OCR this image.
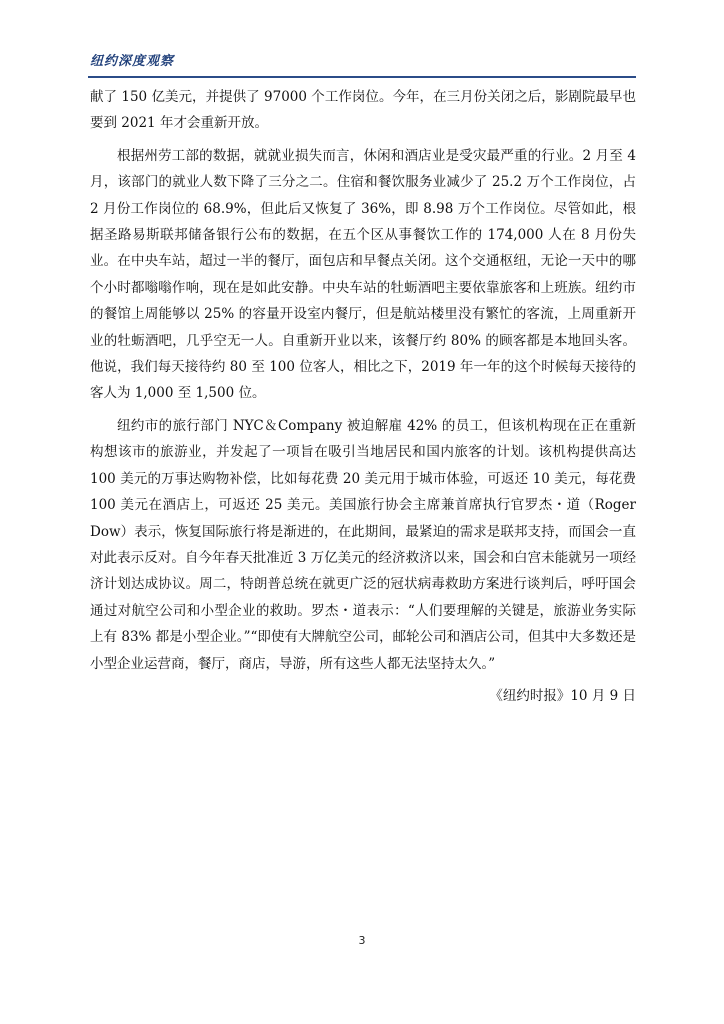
纽约深度观察

献了 150 亿美元，并提供了 97000 个工作岗位。今年，在三月份关闭之后，影剧院最早也要到 2021 年才会重新开放。

根据州劳工部的数据，就就业损失而言，休闲和酒店业是受灾最严重的行业。2 月至 4 月，该部门的就业人数下降了三分之二。住宿和餐饮服务业减少了 25.2 万个工作岗位，占 2 月份工作岗位的 68.9%，但此后又恢复了 36%，即 8.98 万个工作岗位。尽管如此，根据圣路易斯联邦储备银行公布的数据，在五个区从事餐饮工作的 174,000 人在 8 月份失业。在中央车站，超过一半的餐厅，面包店和早餐点关闭。这个交通枢纽，无论一天中的哪个小时都嗡嗡作响，现在是如此安静。中央车站的牡蛎酒吧主要依靠旅客和上班族。纽约市的餐馆上周能够以 25% 的容量开设室内餐厅，但是航站楼里没有繁忙的客流，上周重新开业的牡蛎酒吧，几乎空无一人。自重新开业以来，该餐厅约 80% 的顾客都是本地回头客。他说，我们每天接待约 80 至 100 位客人，相比之下，2019 年一年的这个时候每天接待的客人为 1,000 至 1,500 位。

纽约市的旅行部门 NYC＆Company 被迫解雇 42% 的员工，但该机构现在正在重新构想该市的旅游业，并发起了一项旨在吸引当地居民和国内旅客的计划。该机构提供高达 100 美元的万事达购物补偿，比如每花费 20 美元用于城市体验，可返还 10 美元，每花费 100 美元在酒店上，可返还 25 美元。美国旅行协会主席兼首席执行官罗杰・道（Roger Dow）表示，恢复国际旅行将是渐进的，在此期间，最紧迫的需求是联邦支持，而国会一直对此表示反对。自今年春天批准近 3 万亿美元的经济救济以来，国会和白宫未能就另一项经济计划达成协议。周二，特朗普总统在就更广泛的冠状病毒救助方案进行谈判后，呼吁国会通过对航空公司和小型企业的救助。罗杰・道表示：“人们要理解的关键是，旅游业务实际上有 83% 都是小型企业。”“即使有大牌航空公司，邮轮公司和酒店公司，但其中大多数还是小型企业运营商，餐厅，商店，导游，所有这些人都无法坚持太久。”

《纽约时报》10 月 9 日

3
